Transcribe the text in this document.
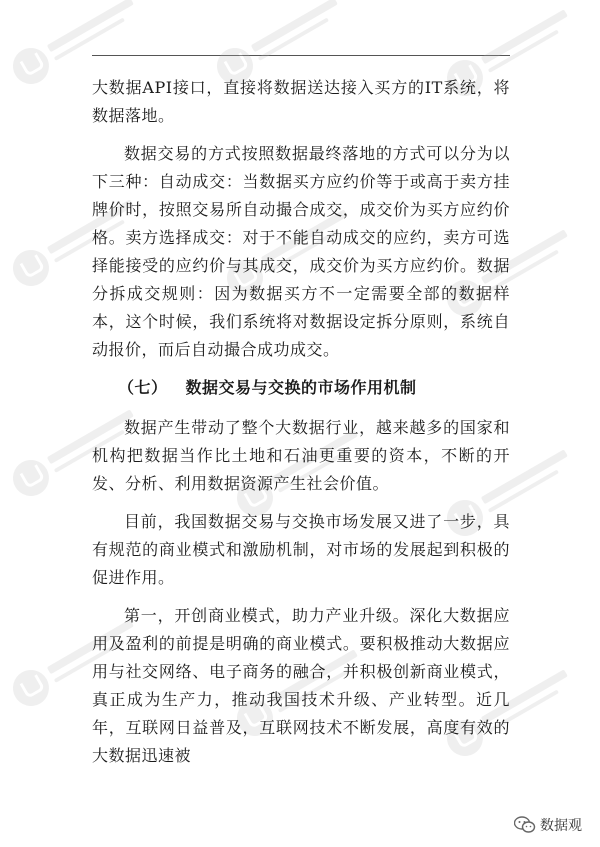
大数据API接口，直接将数据送达接入买方的IT系统，将数据落地。

数据交易的方式按照数据最终落地的方式可以分为以下三种：自动成交：当数据买方应约价等于或高于卖方挂牌价时，按照交易所自动撮合成交，成交价为买方应约价格。卖方选择成交：对于不能自动成交的应约，卖方可选择能接受的应约价与其成交，成交价为买方应约价。数据分拆成交规则：因为数据买方不一定需要全部的数据样本，这个时候，我们系统将对数据设定拆分原则，系统自动报价，而后自动撮合成功成交。

（七） 数据交易与交换的市场作用机制

数据产生带动了整个大数据行业，越来越多的国家和机构把数据当作比土地和石油更重要的资本，不断的开发、分析、利用数据资源产生社会价值。

目前，我国数据交易与交换市场发展又进了一步，具有规范的商业模式和激励机制，对市场的发展起到积极的促进作用。

第一，开创商业模式，助力产业升级。深化大数据应用及盈利的前提是明确的商业模式。要积极推动大数据应用与社交网络、电子商务的融合，并积极创新商业模式，真正成为生产力，推动我国技术升级、产业转型。近几年，互联网日益普及，互联网技术不断发展，高度有效的大数据迅速被

数据观
